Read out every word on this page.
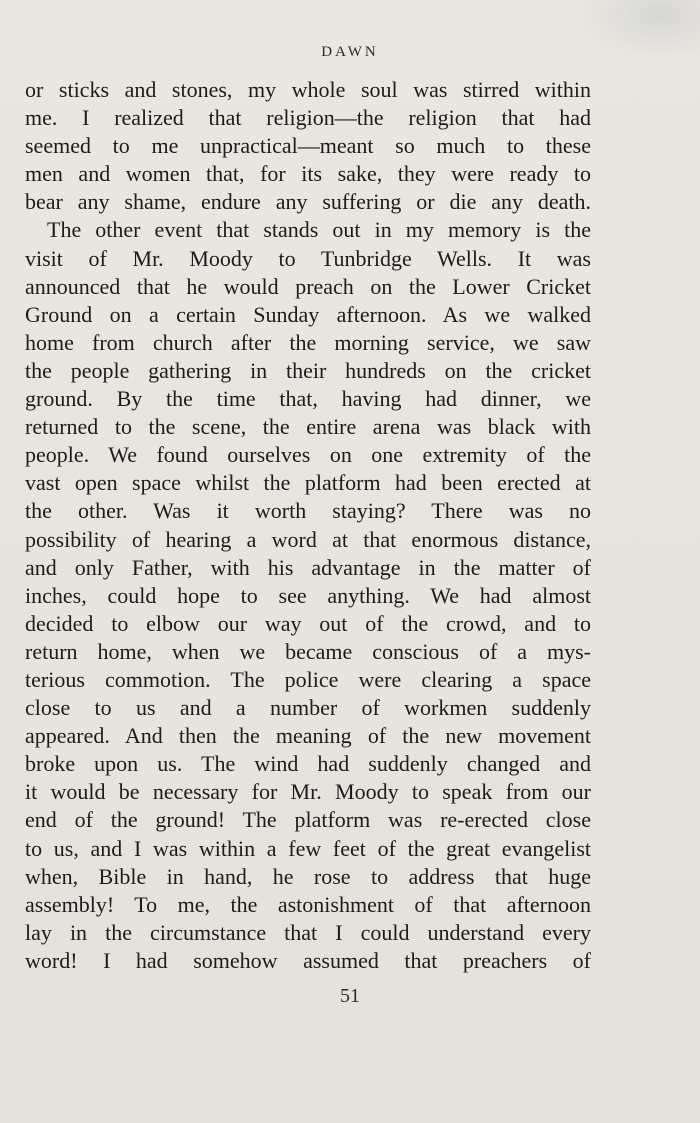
DAWN
or sticks and stones, my whole soul was stirred within
me. I realized that religion—the religion that had
seemed to me unpractical—meant so much to these
men and women that, for its sake, they were ready to
bear any shame, endure any suffering or die any death.
The other event that stands out in my memory is the
visit of Mr. Moody to Tunbridge Wells. It was
announced that he would preach on the Lower Cricket
Ground on a certain Sunday afternoon. As we walked
home from church after the morning service, we saw
the people gathering in their hundreds on the cricket
ground. By the time that, having had dinner, we
returned to the scene, the entire arena was black with
people. We found ourselves on one extremity of the
vast open space whilst the platform had been erected at
the other. Was it worth staying? There was no
possibility of hearing a word at that enormous distance,
and only Father, with his advantage in the matter of
inches, could hope to see anything. We had almost
decided to elbow our way out of the crowd, and to
return home, when we became conscious of a mys-
terious commotion. The police were clearing a space
close to us and a number of workmen suddenly
appeared. And then the meaning of the new movement
broke upon us. The wind had suddenly changed and
it would be necessary for Mr. Moody to speak from our
end of the ground! The platform was re-erected close
to us, and I was within a few feet of the great evangelist
when, Bible in hand, he rose to address that huge
assembly! To me, the astonishment of that afternoon
lay in the circumstance that I could understand every
word! I had somehow assumed that preachers of
51
